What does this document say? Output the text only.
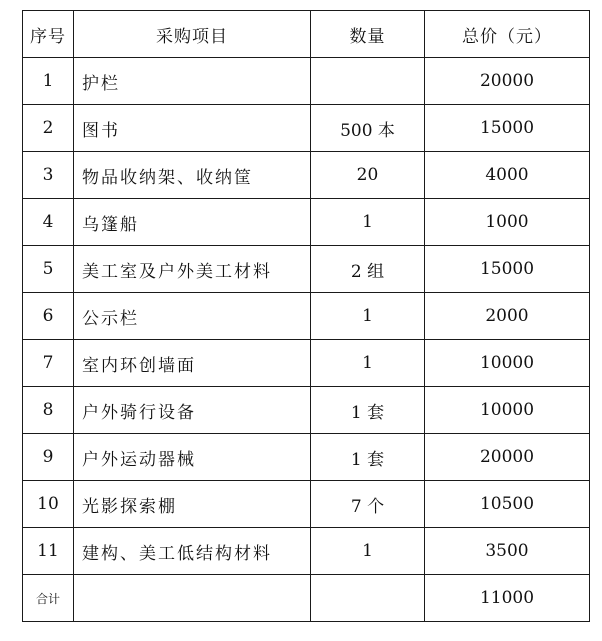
序号	采购项目	数量	总价（元）
1	护栏		20000
2	图书	500 本	15000
3	物品收纳架、收纳筐	20	4000
4	乌篷船	1	1000
5	美工室及户外美工材料	2 组	15000
6	公示栏	1	2000
7	室内环创墙面	1	10000
8	户外骑行设备	1 套	10000
9	户外运动器械	1 套	20000
10	光影探索棚	7 个	10500
11	建构、美工低结构材料	1	3500
合计			11000
